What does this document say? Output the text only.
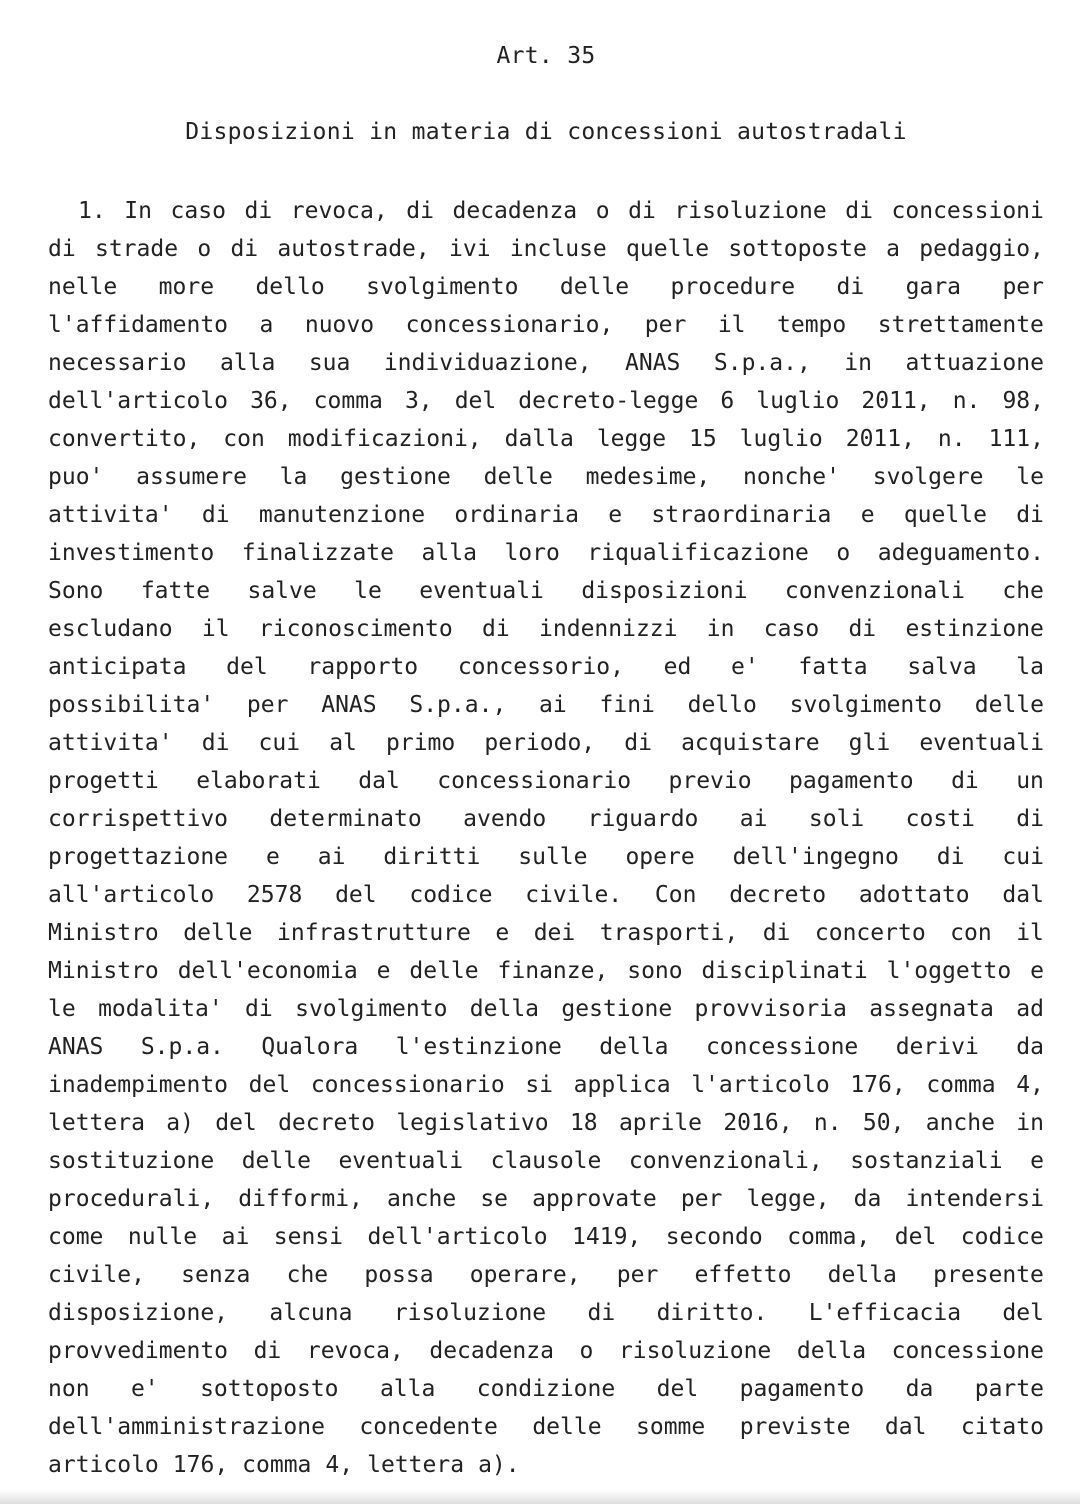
Art. 35
Disposizioni in materia di concessioni autostradali
1. In caso di revoca, di decadenza o di risoluzione di concessioni
di strade o di autostrade, ivi incluse quelle sottoposte a pedaggio,
nelle more dello svolgimento delle procedure di gara per
l'affidamento a nuovo concessionario, per il tempo strettamente
necessario alla sua individuazione, ANAS S.p.a., in attuazione
dell'articolo 36, comma 3, del decreto-legge 6 luglio 2011, n. 98,
convertito, con modificazioni, dalla legge 15 luglio 2011, n. 111,
puo' assumere la gestione delle medesime, nonche' svolgere le
attivita' di manutenzione ordinaria e straordinaria e quelle di
investimento finalizzate alla loro riqualificazione o adeguamento.
Sono fatte salve le eventuali disposizioni convenzionali che
escludano il riconoscimento di indennizzi in caso di estinzione
anticipata del rapporto concessorio, ed e' fatta salva la
possibilita' per ANAS S.p.a., ai fini dello svolgimento delle
attivita' di cui al primo periodo, di acquistare gli eventuali
progetti elaborati dal concessionario previo pagamento di un
corrispettivo determinato avendo riguardo ai soli costi di
progettazione e ai diritti sulle opere dell'ingegno di cui
all'articolo 2578 del codice civile. Con decreto adottato dal
Ministro delle infrastrutture e dei trasporti, di concerto con il
Ministro dell'economia e delle finanze, sono disciplinati l'oggetto e
le modalita' di svolgimento della gestione provvisoria assegnata ad
ANAS S.p.a. Qualora l'estinzione della concessione derivi da
inadempimento del concessionario si applica l'articolo 176, comma 4,
lettera a) del decreto legislativo 18 aprile 2016, n. 50, anche in
sostituzione delle eventuali clausole convenzionali, sostanziali e
procedurali, difformi, anche se approvate per legge, da intendersi
come nulle ai sensi dell'articolo 1419, secondo comma, del codice
civile, senza che possa operare, per effetto della presente
disposizione, alcuna risoluzione di diritto. L'efficacia del
provvedimento di revoca, decadenza o risoluzione della concessione
non e' sottoposto alla condizione del pagamento da parte
dell'amministrazione concedente delle somme previste dal citato
articolo 176, comma 4, lettera a).
